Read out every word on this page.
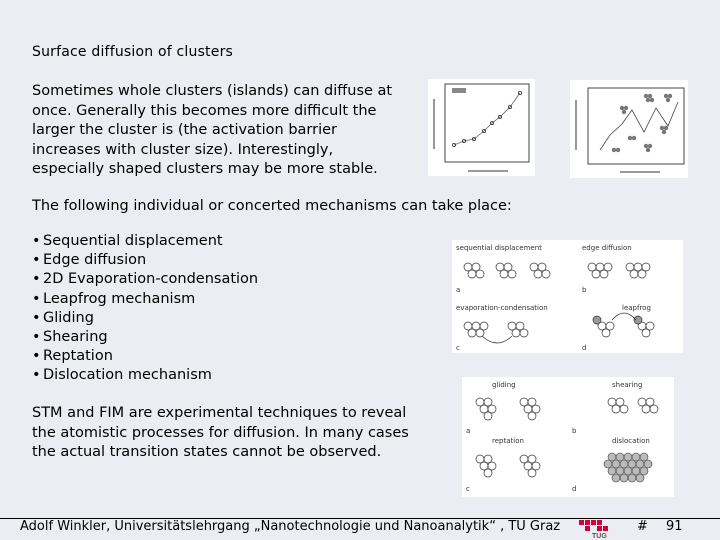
Surface diffusion of clusters
Sometimes whole clusters (islands) can diffuse at
once. Generally this becomes more difficult the
larger the cluster is (the activation barrier
increases with cluster size). Interestingly,
especially shaped clusters may be more stable.
The following individual or concerted mechanisms can take place:
• Sequential displacement
• Edge diffusion
• 2D Evaporation-condensation
• Leapfrog mechanism
• Gliding
• Shearing
• Reptation
• Dislocation mechanism
sequential displacement	edge diffusion
evaporation-condensation	leapfrog
a	b
c	d
gliding	shearing
reptation	dislocation
a	b
c	d
STM and FIM are experimental techniques to reveal
the atomistic processes for diffusion. In many cases
the actual transition states cannot be observed.
Adolf Winkler, Universitätslehrgang „Nanotechnologie und Nanoanalytik“ , TU Graz
TUG
# 91
